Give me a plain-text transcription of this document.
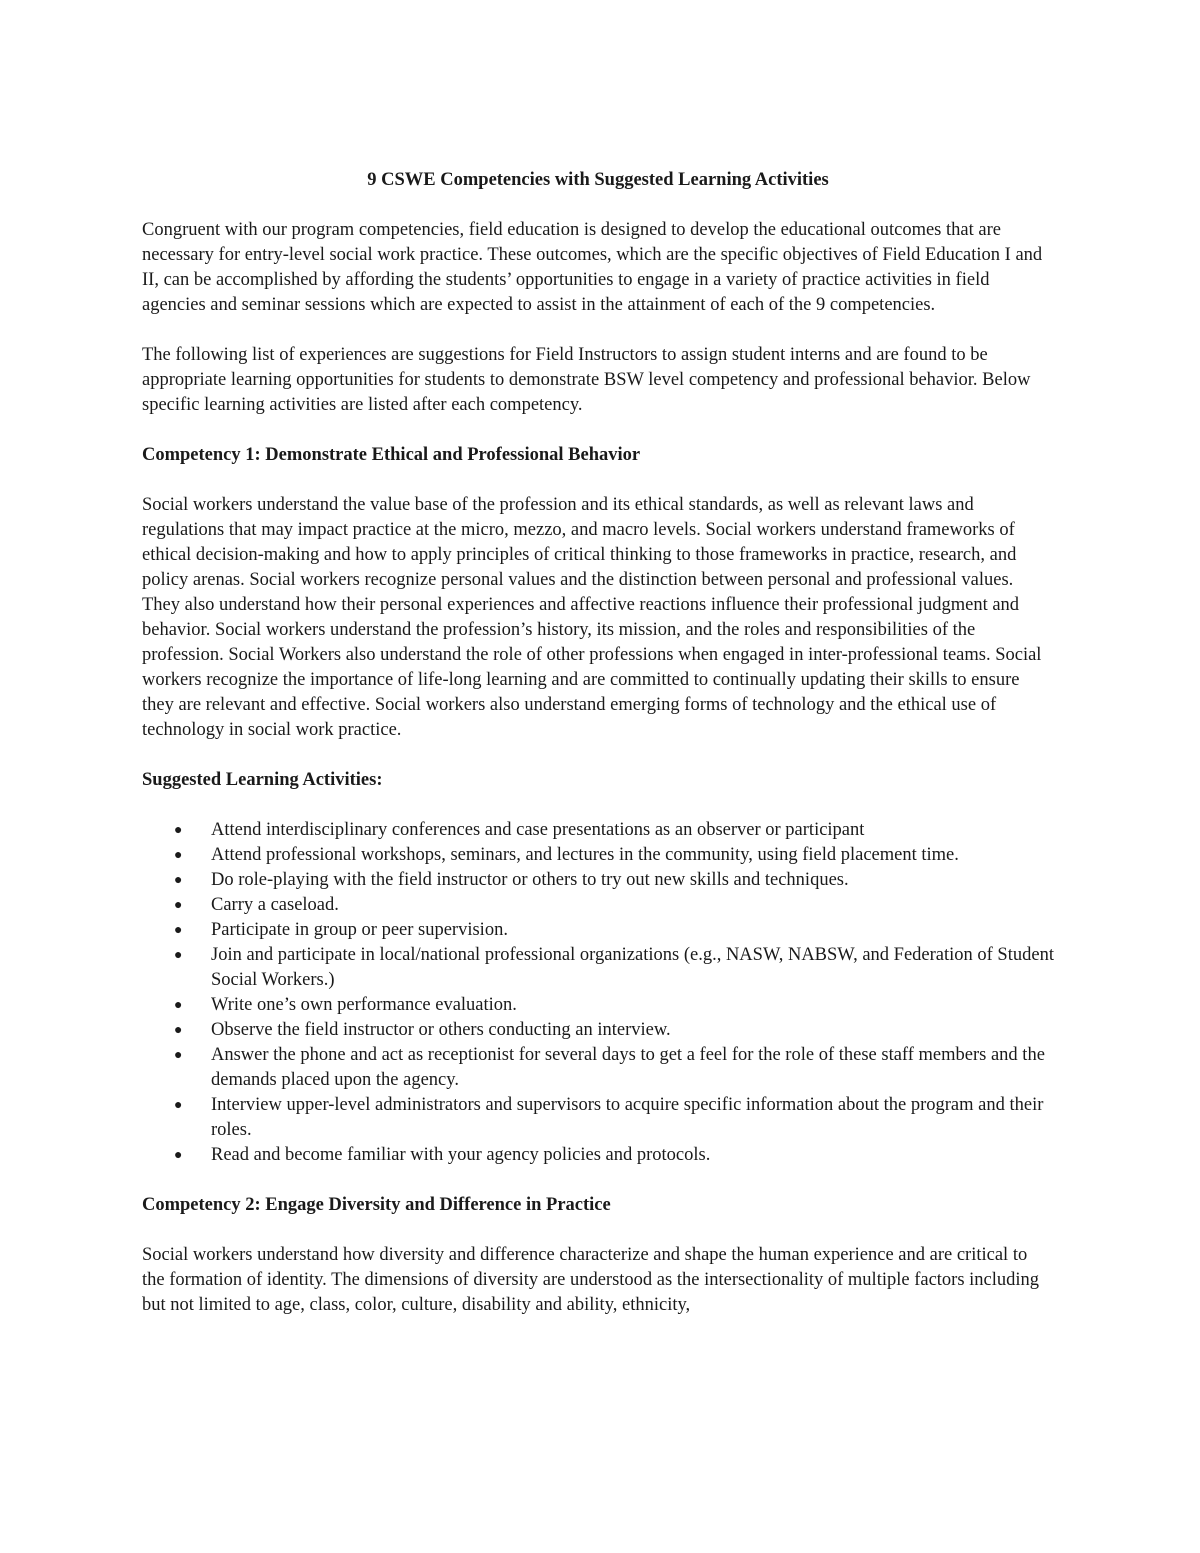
9 CSWE Competencies with Suggested Learning Activities

Congruent with our program competencies, field education is designed to develop the educational outcomes that are necessary for entry-level social work practice. These outcomes, which are the specific objectives of Field Education I and II, can be accomplished by affording the students’ opportunities to engage in a variety of practice activities in field agencies and seminar sessions which are expected to assist in the attainment of each of the 9 competencies.

The following list of experiences are suggestions for Field Instructors to assign student interns and are found to be appropriate learning opportunities for students to demonstrate BSW level competency and professional behavior. Below specific learning activities are listed after each competency.

Competency 1: Demonstrate Ethical and Professional Behavior

Social workers understand the value base of the profession and its ethical standards, as well as relevant laws and regulations that may impact practice at the micro, mezzo, and macro levels. Social workers understand frameworks of ethical decision-making and how to apply principles of critical thinking to those frameworks in practice, research, and policy arenas. Social workers recognize personal values and the distinction between personal and professional values. They also understand how their personal experiences and affective reactions influence their professional judgment and behavior. Social workers understand the profession’s history, its mission, and the roles and responsibilities of the profession. Social Workers also understand the role of other professions when engaged in inter-professional teams. Social workers recognize the importance of life-long learning and are committed to continually updating their skills to ensure they are relevant and effective. Social workers also understand emerging forms of technology and the ethical use of technology in social work practice.

Suggested Learning Activities:
● Attend interdisciplinary conferences and case presentations as an observer or participant
● Attend professional workshops, seminars, and lectures in the community, using field placement time.
● Do role-playing with the field instructor or others to try out new skills and techniques.
● Carry a caseload.
● Participate in group or peer supervision.
● Join and participate in local/national professional organizations (e.g., NASW, NABSW, and Federation of Student Social Workers.)
● Write one’s own performance evaluation.
● Observe the field instructor or others conducting an interview.
● Answer the phone and act as receptionist for several days to get a feel for the role of these staff members and the demands placed upon the agency.
● Interview upper-level administrators and supervisors to acquire specific information about the program and their roles.
● Read and become familiar with your agency policies and protocols.
Competency 2: Engage Diversity and Difference in Practice

Social workers understand how diversity and difference characterize and shape the human experience and are critical to the formation of identity. The dimensions of diversity are understood as the intersectionality of multiple factors including but not limited to age, class, color, culture, disability and ability, ethnicity,
